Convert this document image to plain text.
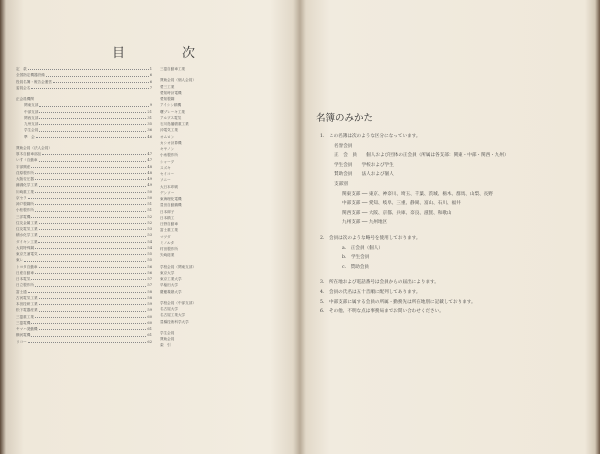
目　次
定　款	1
全国指定機器設備	6
役員名簿・報告会運営	6
委員会名	7
正会員機関
関東支部	9
中部支部	21
関西支部	31
九州支部	35
学生会員	36
準　会	46
賛助会員（法人会員）
厚木自動車部品	47
いすゞ自動車	47
宇部興産	48
荏原製作所	48
大阪変圧器	49
鐘淵化学工業	49
川崎重工業	50
京セラ	50
神戸製鋼所	51
小松製作所	51
三洋電機	52
住友金属工業	52
住友電気工業	53
積水化学工業	53
ダイキン工業	54
大同特殊鋼	54
東京芝浦電気	55
東レ	55
トヨタ自動車	56
日産自動車	56
日本電気	57
日立製作所	57
富士通	58
古河電気工業	58
本田技研工業	59
松下電器産業	59
三菱重工業	60
三菱電機	60
ヤマハ発動機	61
横河電機	61
リコー	62
三菱自動車工業
賛助会員（個人会員）
愛三工業
愛知時計電機
愛知製鋼
アイシン精機
曙ブレーキ工業
アルプス電気
石川島播磨重工業
沖電気工業
オムロン
カシオ計算機
キヤノン
小糸製作所
シャープ
スズキ
セイコー
ソニー
大日本印刷
デンソー
東海理化電機
豊田自動織機
日本碍子
日本精工
日野自動車
富士重工業
マツダ
ミノルタ
村田製作所
矢崎総業
学校会員（関東支部）
東京大学
東京工業大学
早稲田大学
慶應義塾大学
学校会員（中部支部）
名古屋大学
名古屋工業大学
豊橋技術科学大学
学生会員
賛助会員
索　引
名簿のみかた
1.　この名簿は次のような区分になっています。
名誉会員
正　会　員　　個人および団体の正会員（所属は各支部：関東・中部・関西・九州）
学生会員　　学校および学生
賛助会員　　法人および個人
支部別
関東支部 ── 東京、神奈川、埼玉、千葉、茨城、栃木、群馬、山梨、長野
中部支部 ── 愛知、岐阜、三重、静岡、富山、石川、福井
関西支部 ── 大阪、京都、兵庫、奈良、滋賀、和歌山
九州支部 ── 九州地区
2.　会員は次のような略号を使用しております。
a.　正会員（個人）
b.　学生会員
c.　賛助会員
3.　所在地および電話番号は会員からの届出によります。
4.　会員の氏名は五十音順に配列してあります。
5.　中部支部に属する会員の所属・勤務先は所在地別に記載しております。
6.　その他、不明な点は事務局までお問い合わせください。
